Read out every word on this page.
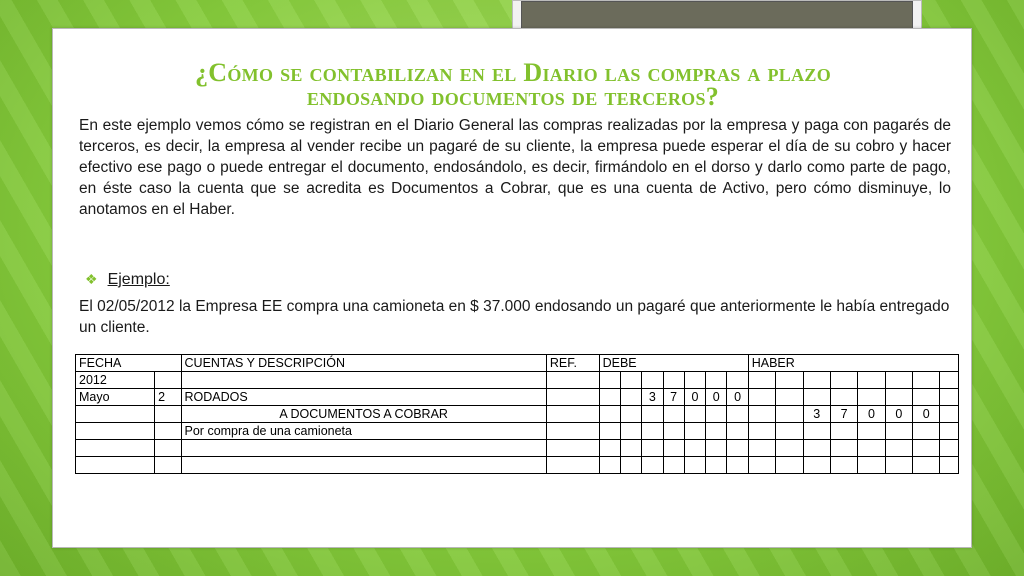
¿Cómo se contabilizan en el Diario las compras a plazo
endosando documentos de terceros?

En este ejemplo vemos cómo se registran en el Diario General las compras realizadas por la empresa y paga con pagarés de terceros, es decir, la empresa al vender recibe un pagaré de su cliente, la empresa puede esperar el día de su cobro y hacer efectivo ese pago o puede entregar el documento, endosándolo, es decir, firmándolo en el dorso y darlo como parte de pago, en éste caso la cuenta que se acredita es Documentos a Cobrar, que es una cuenta de Activo, pero cómo disminuye, lo anotamos en el Haber.

❖ Ejemplo:

El 02/05/2012 la Empresa EE compra una camioneta en $ 37.000 endosando un pagaré que anteriormente le había entregado un cliente.

FECHA		CUENTAS Y DESCRIPCIÓN	REF.	DEBE							HABER							
2012																		
Mayo	2	RODADOS				3	7	0	0	0								
		A DOCUMENTOS A COBRAR											3	7	0	0	0	
		Por compra de una camioneta																
